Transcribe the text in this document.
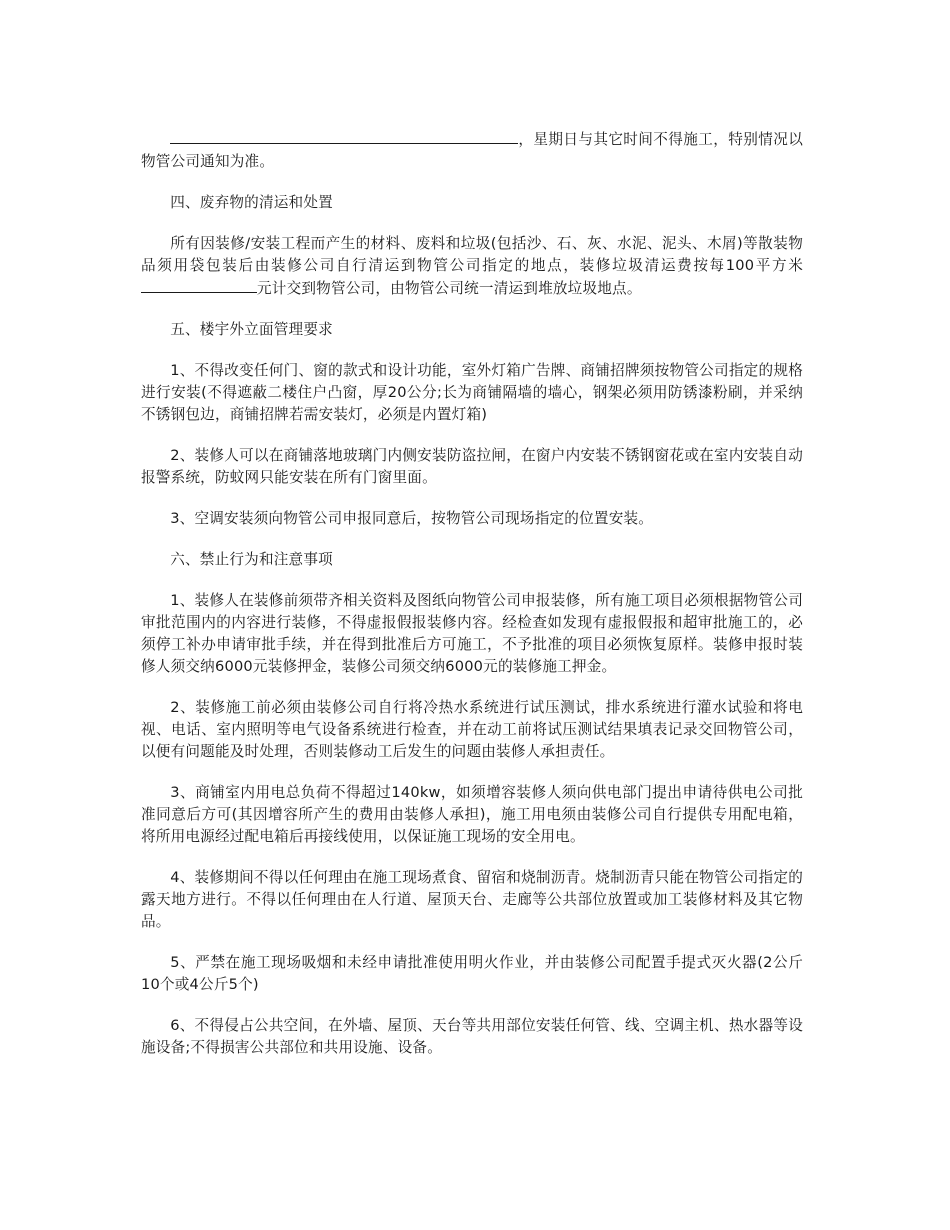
，星期日与其它时间不得施工，特别情况以物管公司通知为准。

四、废弃物的清运和处置

所有因装修/安装工程而产生的材料、废料和垃圾(包括沙、石、灰、水泥、泥头、木屑)等散装物品须用袋包装后由装修公司自行清运到物管公司指定的地点，装修垃圾清运费按每100平方米元计交到物管公司，由物管公司统一清运到堆放垃圾地点。

五、楼宇外立面管理要求

1、不得改变任何门、窗的款式和设计功能，室外灯箱广告牌、商铺招牌须按物管公司指定的规格进行安装(不得遮蔽二楼住户凸窗，厚20公分;长为商铺隔墙的墙心，钢架必须用防锈漆粉刷，并采纳不锈钢包边，商铺招牌若需安装灯，必须是内置灯箱)

2、装修人可以在商铺落地玻璃门内侧安装防盗拉闸，在窗户内安装不锈钢窗花或在室内安装自动报警系统，防蚊网只能安装在所有门窗里面。

3、空调安装须向物管公司申报同意后，按物管公司现场指定的位置安装。

六、禁止行为和注意事项

1、装修人在装修前须带齐相关资料及图纸向物管公司申报装修，所有施工项目必须根据物管公司审批范围内的内容进行装修，不得虚报假报装修内容。经检查如发现有虚报假报和超审批施工的，必须停工补办申请审批手续，并在得到批准后方可施工，不予批准的项目必须恢复原样。装修申报时装修人须交纳6000元装修押金，装修公司须交纳6000元的装修施工押金。

2、装修施工前必须由装修公司自行将冷热水系统进行试压测试，排水系统进行灌水试验和将电视、电话、室内照明等电气设备系统进行检查，并在动工前将试压测试结果填表记录交回物管公司，以便有问题能及时处理，否则装修动工后发生的问题由装修人承担责任。

3、商铺室内用电总负荷不得超过140kw，如须增容装修人须向供电部门提出申请待供电公司批准同意后方可(其因增容所产生的费用由装修人承担)，施工用电须由装修公司自行提供专用配电箱，将所用电源经过配电箱后再接线使用，以保证施工现场的安全用电。

4、装修期间不得以任何理由在施工现场煮食、留宿和烧制沥青。烧制沥青只能在物管公司指定的露天地方进行。不得以任何理由在人行道、屋顶天台、走廊等公共部位放置或加工装修材料及其它物品。

5、严禁在施工现场吸烟和未经申请批准使用明火作业，并由装修公司配置手提式灭火器(2公斤10个或4公斤5个)

6、不得侵占公共空间，在外墙、屋顶、天台等共用部位安装任何管、线、空调主机、热水器等设施设备;不得损害公共部位和共用设施、设备。
